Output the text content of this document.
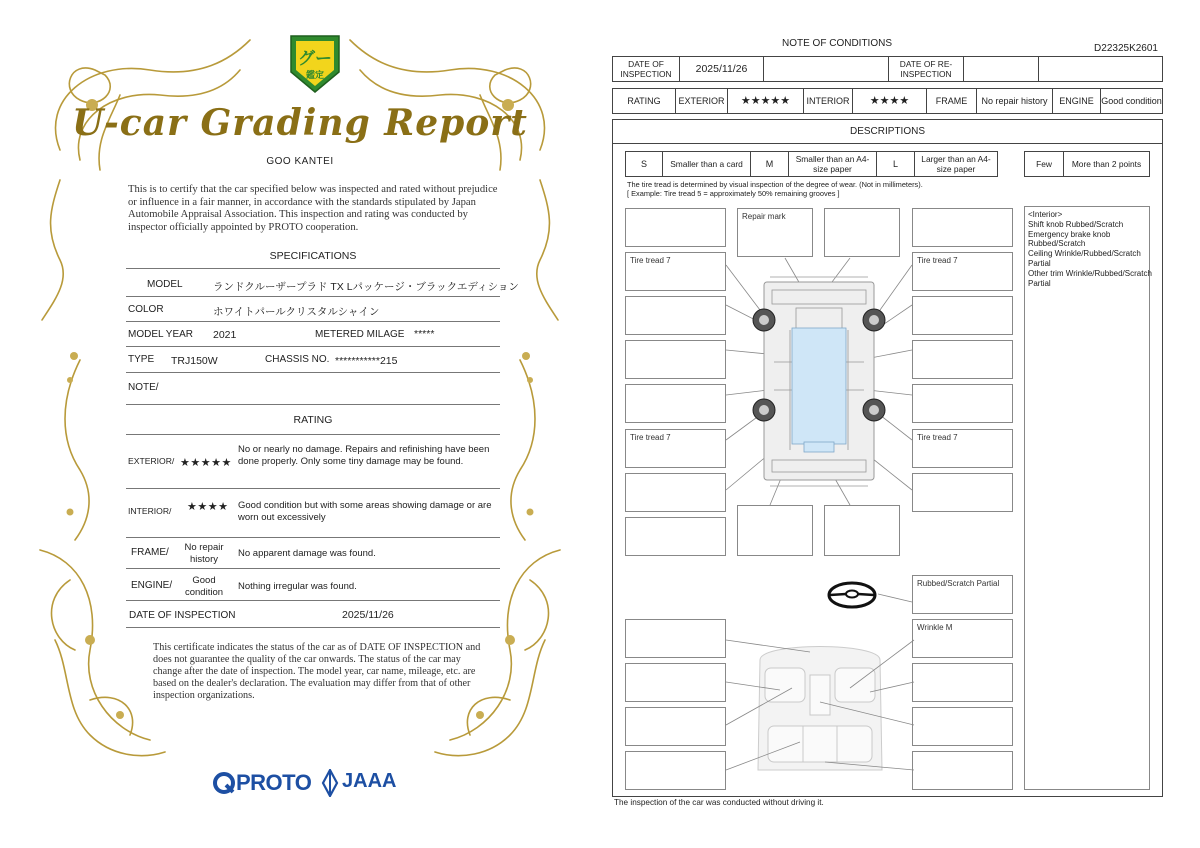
グー
鑑定
U-car Grading Report
GOO KANTEI
This is to certify that the car specified below was inspected and rated without prejudice or influence in a fair manner, in accordance with the standards stipulated by Japan Automobile Appraisal Association. This inspection and rating was conducted by inspector officially appointed by PROTO cooperation.
SPECIFICATIONS
MODEL	ランドクルーザープラド TX Lパッケージ・ブラックエディション
COLOR	ホワイトパールクリスタルシャイン
MODEL YEAR 2021	METERED MILAGE *****
TYPE TRJ150W	CHASSIS NO. ***********215
NOTE/
RATING
EXTERIOR/ ★★★★★
No or nearly no damage. Repairs and refinishing have been done properly. Only some tiny damage may be found.
INTERIOR/ ★★★★ Good condition but with some areas showing damage or are worn out excessively
FRAME/	No repair history
No apparent damage was found.
ENGINE/	Good condition
Nothing irregular was found.
DATE OF INSPECTION	2025/11/26
This certificate indicates the status of the car as of DATE OF INSPECTION and does not guarantee the quality of the car onwards. The status of the car may change after the date of inspection. The model year, car name, mileage, etc. are based on the dealer's declaration. The evaluation may differ from that of other inspection organizations.
PROTO JAAA
NOTE OF CONDITIONS	D22325K2601
DATE OF INSPECTION	2025/11/26	DATE OF RE-INSPECTION
RATING	EXTERIOR	★★★★★	INTERIOR	★★★★	FRAME	No repair history	ENGINE Good condition
DESCRIPTIONS
S	Smaller than a card	M	Smaller than an A4-size paper	L	Larger than an A4-size paper	Few	More than 2 points
The tire tread is determined by visual inspection of the degree of wear. (Not in millimeters).
[ Example: Tire tread 5 = approximately 50% remaining grooves ]
Repair mark
Tire tread 7	Tire tread 7
Tire tread 7	Tire tread 7
Rubbed/Scratch Partial
Wrinkle M
<Interior>
Shift knob Rubbed/Scratch
Emergency brake knob Rubbed/Scratch
Ceiling Wrinkle/Rubbed/Scratch Partial
Other trim Wrinkle/Rubbed/Scratch Partial
The inspection of the car was conducted without driving it.
